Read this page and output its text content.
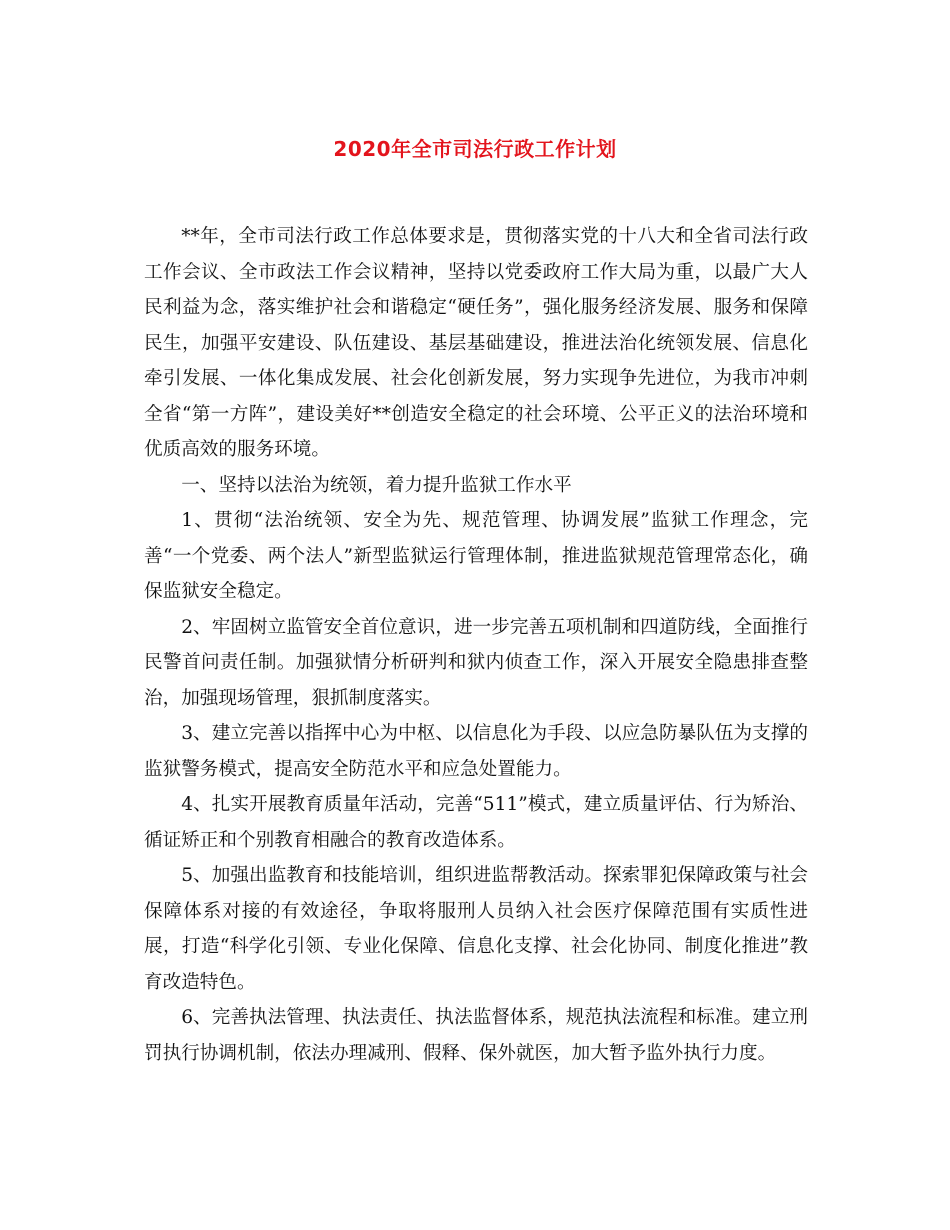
2020年全市司法行政工作计划

**年，全市司法行政工作总体要求是，贯彻落实党的十八大和全省司法行政工作会议、全市政法工作会议精神，坚持以党委政府工作大局为重，以最广大人民利益为念，落实维护社会和谐稳定“硬任务”，强化服务经济发展、服务和保障民生，加强平安建设、队伍建设、基层基础建设，推进法治化统领发展、信息化牵引发展、一体化集成发展、社会化创新发展，努力实现争先进位，为我市冲刺全省“第一方阵”，建设美好**创造安全稳定的社会环境、公平正义的法治环境和优质高效的服务环境。

一、坚持以法治为统领，着力提升监狱工作水平

1、贯彻“法治统领、安全为先、规范管理、协调发展”监狱工作理念，完善“一个党委、两个法人”新型监狱运行管理体制，推进监狱规范管理常态化，确保监狱安全稳定。

2、牢固树立监管安全首位意识，进一步完善五项机制和四道防线，全面推行民警首问责任制。加强狱情分析研判和狱内侦查工作，深入开展安全隐患排查整治，加强现场管理，狠抓制度落实。

3、建立完善以指挥中心为中枢、以信息化为手段、以应急防暴队伍为支撑的监狱警务模式，提高安全防范水平和应急处置能力。

4、扎实开展教育质量年活动，完善“511”模式，建立质量评估、行为矫治、循证矫正和个别教育相融合的教育改造体系。

5、加强出监教育和技能培训，组织进监帮教活动。探索罪犯保障政策与社会保障体系对接的有效途径，争取将服刑人员纳入社会医疗保障范围有实质性进展，打造“科学化引领、专业化保障、信息化支撑、社会化协同、制度化推进”教育改造特色。

6、完善执法管理、执法责任、执法监督体系，规范执法流程和标准。建立刑罚执行协调机制，依法办理减刑、假释、保外就医，加大暂予监外执行力度。
